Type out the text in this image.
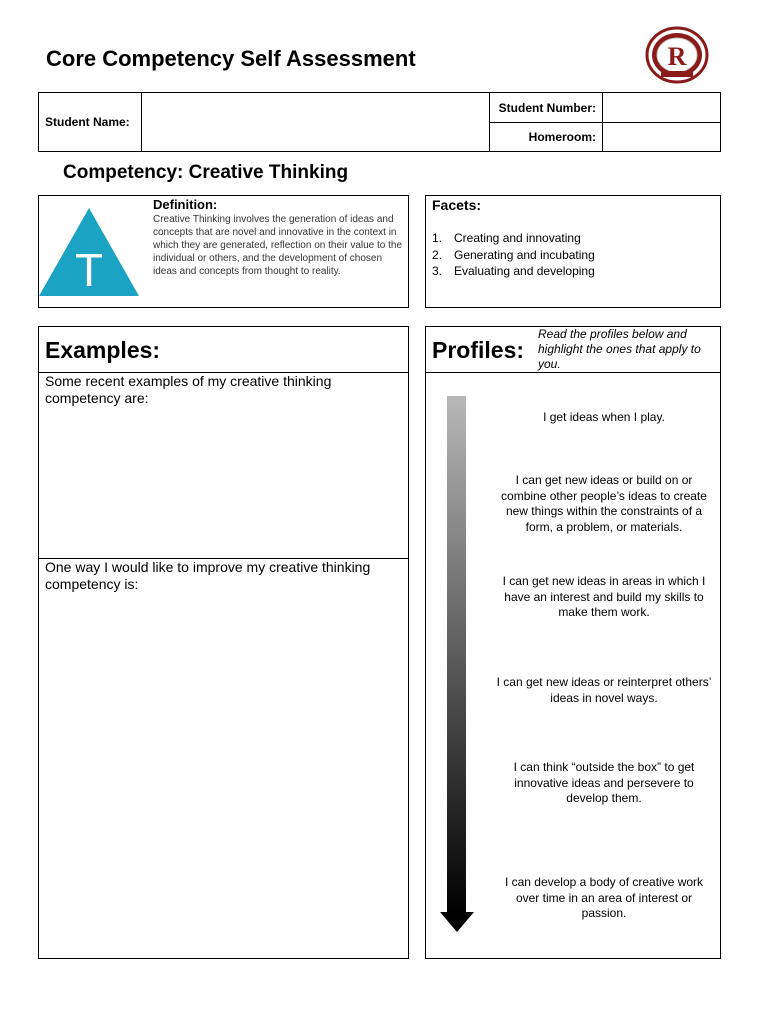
Core Competency Self Assessment	R
Student Name:
Student Number:
Homeroom:
Competency: Creative Thinking
T
Definition:
Creative Thinking involves the generation of ideas and concepts that are novel and innovative in the context in which they are generated, reflection on their value to the individual or others, and the development of chosen ideas and concepts from thought to reality.
Facets:
1. Creating and innovating
2. Generating and incubating
3. Evaluating and developing
Examples:
Some recent examples of my creative thinking competency are:
One way I would like to improve my creative thinking competency is:
Profiles:
Read the profiles below and highlight the ones that apply to you.
I get ideas when I play.
I can get new ideas or build on or combine other people’s ideas to create new things within the constraints of a form, a problem, or materials.
I can get new ideas in areas in which I have an interest and build my skills to make them work.
I can get new ideas or reinterpret others’ ideas in novel ways.
I can think “outside the box” to get innovative ideas and persevere to develop them.
I can develop a body of creative work over time in an area of interest or passion.
